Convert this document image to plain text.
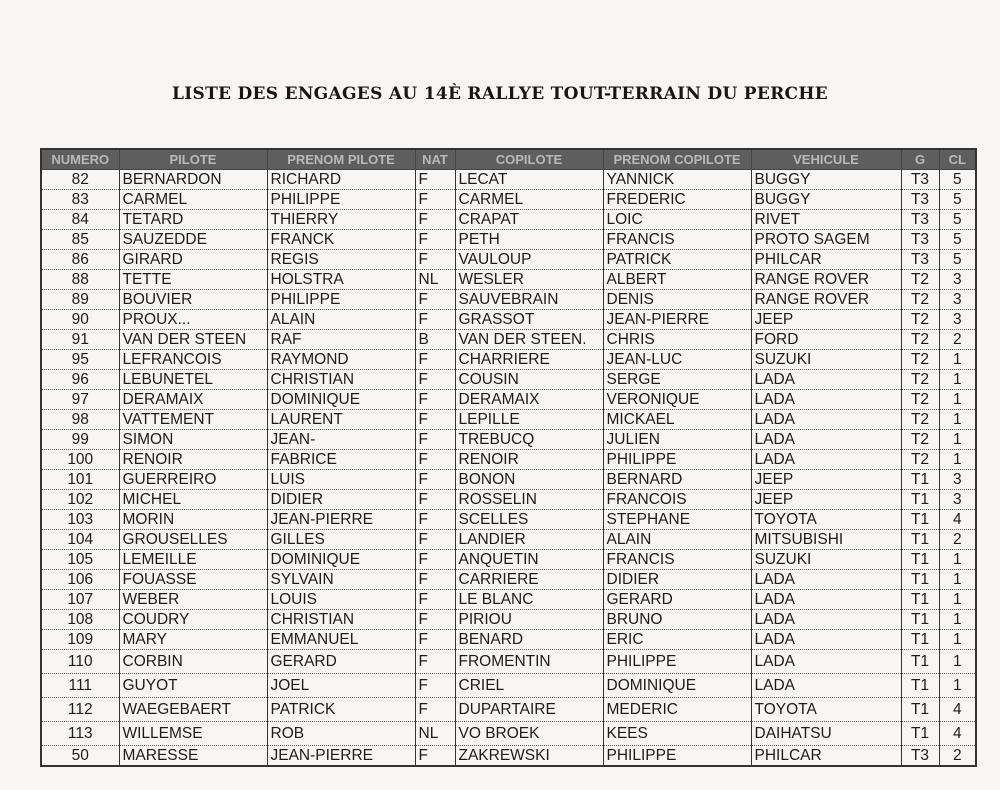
LISTE DES ENGAGES AU 14È RALLYE TOUT-TERRAIN DU PERCHE
NUMERO	PILOTE	PRENOM PILOTE	NAT	COPILOTE	PRENOM COPILOTE	VEHICULE	G	CL
82	BERNARDON	RICHARD	F	LECAT	YANNICK	BUGGY	T3	5
83	CARMEL	PHILIPPE	F	CARMEL	FREDERIC	BUGGY	T3	5
84	TETARD	THIERRY	F	CRAPAT	LOIC	RIVET	T3	5
85	SAUZEDDE	FRANCK	F	PETH	FRANCIS	PROTO SAGEM	T3	5
86	GIRARD	REGIS	F	VAULOUP	PATRICK	PHILCAR	T3	5
88	TETTE	HOLSTRA	NL	WESLER	ALBERT	RANGE ROVER	T2	3
89	BOUVIER	PHILIPPE	F	SAUVEBRAIN	DENIS	RANGE ROVER	T2	3
90	PROUX...	ALAIN	F	GRASSOT	JEAN-PIERRE	JEEP	T2	3
91	VAN DER STEEN	RAF	B	VAN DER STEEN.	CHRIS	FORD	T2	2
95	LEFRANCOIS	RAYMOND	F	CHARRIERE	JEAN-LUC	SUZUKI	T2	1
96	LEBUNETEL	CHRISTIAN	F	COUSIN	SERGE	LADA	T2	1
97	DERAMAIX	DOMINIQUE	F	DERAMAIX	VERONIQUE	LADA	T2	1
98	VATTEMENT	LAURENT	F	LEPILLE	MICKAEL	LADA	T2	1
99	SIMON	JEAN-	F	TREBUCQ	JULIEN	LADA	T2	1
100	RENOIR	FABRICE	F	RENOIR	PHILIPPE	LADA	T2	1
101	GUERREIRO	LUIS	F	BONON	BERNARD	JEEP	T1	3
102	MICHEL	DIDIER	F	ROSSELIN	FRANCOIS	JEEP	T1	3
103	MORIN	JEAN-PIERRE	F	SCELLES	STEPHANE	TOYOTA	T1	4
104	GROUSELLES	GILLES	F	LANDIER	ALAIN	MITSUBISHI	T1	2
105	LEMEILLE	DOMINIQUE	F	ANQUETIN	FRANCIS	SUZUKI	T1	1
106	FOUASSE	SYLVAIN	F	CARRIERE	DIDIER	LADA	T1	1
107	WEBER	LOUIS	F	LE BLANC	GERARD	LADA	T1	1
108	COUDRY	CHRISTIAN	F	PIRIOU	BRUNO	LADA	T1	1
109	MARY	EMMANUEL	F	BENARD	ERIC	LADA	T1	1
110	CORBIN	GERARD	F	FROMENTIN	PHILIPPE	LADA	T1	1
111	GUYOT	JOEL	F	CRIEL	DOMINIQUE	LADA	T1	1
112	WAEGEBAERT	PATRICK	F	DUPARTAIRE	MEDERIC	TOYOTA	T1	4
113	WILLEMSE	ROB	NL	VO BROEK	KEES	DAIHATSU	T1	4
50	MARESSE	JEAN-PIERRE	F	ZAKREWSKI	PHILIPPE	PHILCAR	T3	2
